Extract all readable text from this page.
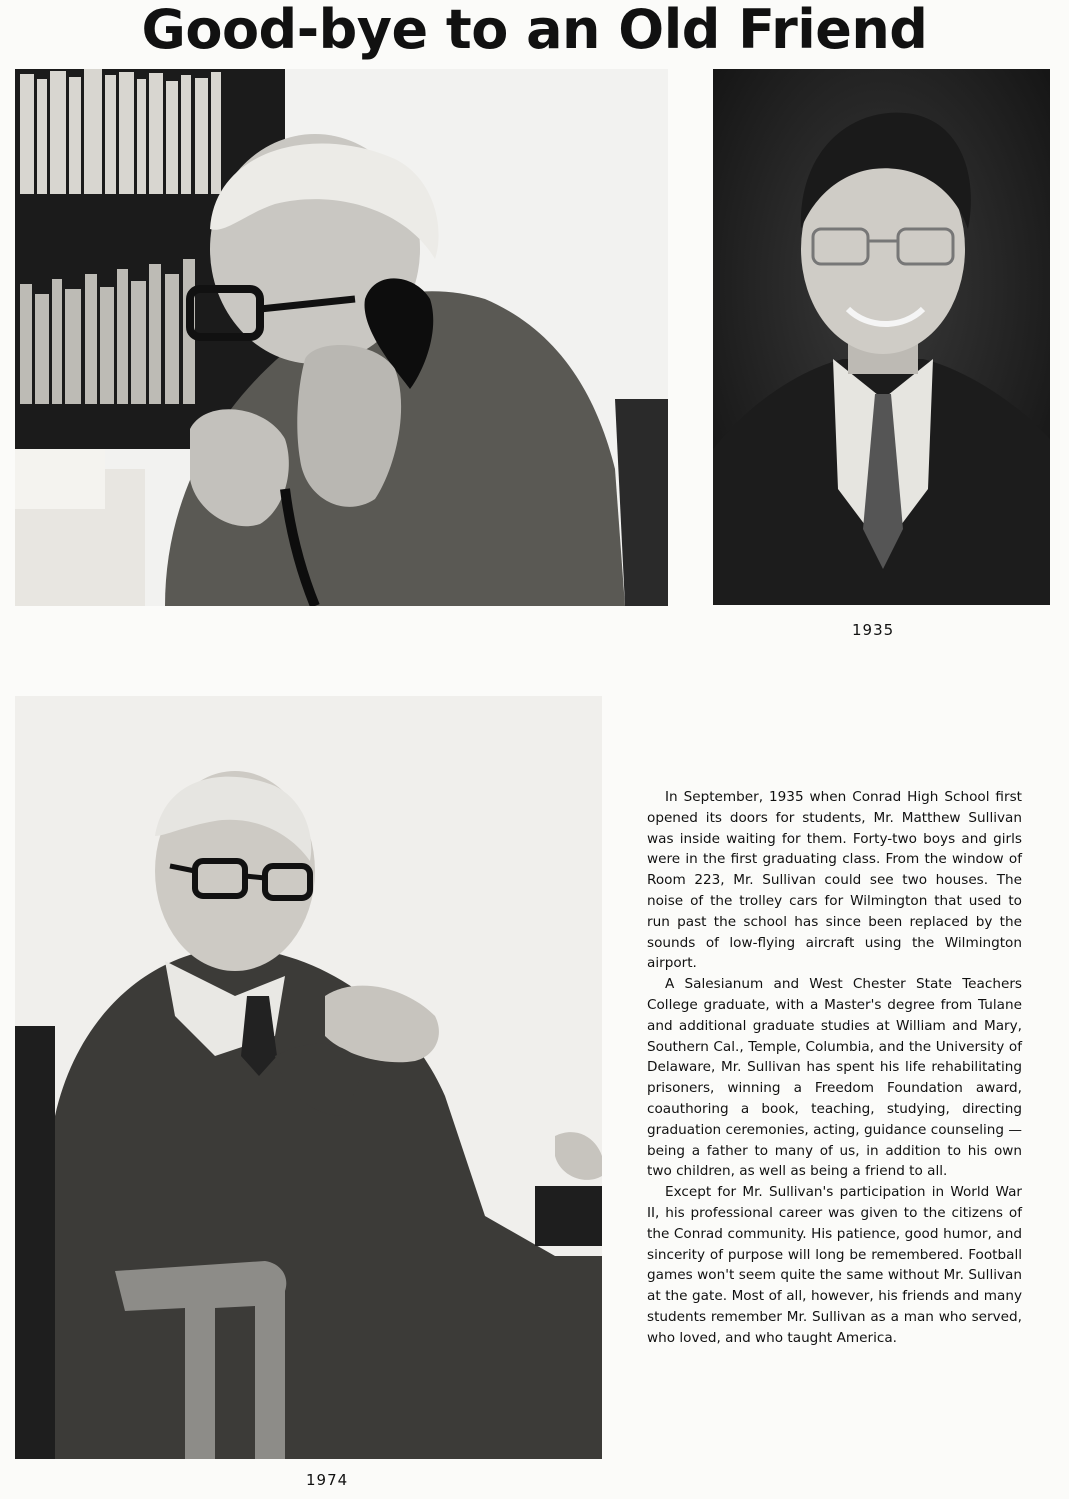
Good-bye to an Old Friend
1935
1974

In September, 1935 when Conrad High School first opened its doors for students, Mr. Matthew Sullivan was inside waiting for them. Forty-two boys and girls were in the first graduating class. From the window of Room 223, Mr. Sullivan could see two houses. The noise of the trolley cars for Wilmington that used to run past the school has since been replaced by the sounds of low-flying aircraft using the Wilmington airport.

A Salesianum and West Chester State Teachers College graduate, with a Master's degree from Tulane and additional graduate studies at William and Mary, Southern Cal., Temple, Columbia, and the University of Delaware, Mr. Sullivan has spent his life rehabilitating prisoners, winning a Freedom Foundation award, coauthoring a book, teaching, studying, directing graduation ceremonies, acting, guidance counseling — being a father to many of us, in addition to his own two children, as well as being a friend to all.

Except for Mr. Sullivan's participation in World War II, his professional career was given to the citizens of the Conrad community. His patience, good humor, and sincerity of purpose will long be remembered. Football games won't seem quite the same without Mr. Sullivan at the gate. Most of all, however, his friends and many students remember Mr. Sullivan as a man who served, who loved, and who taught America.
